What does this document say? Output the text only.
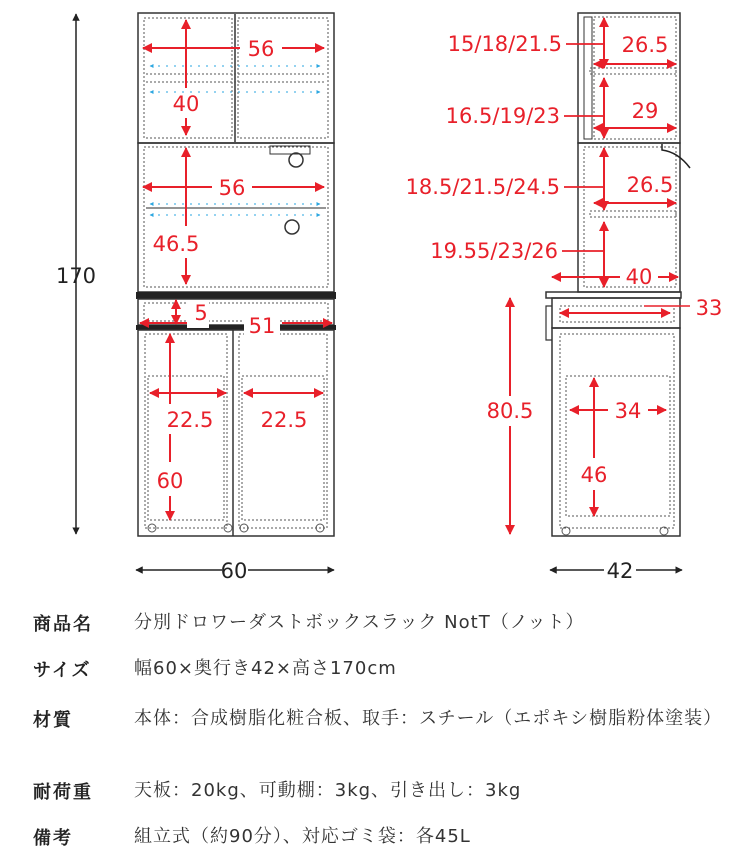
170
60
56
40
56
46.5
5
51
22.5 22.5
60
42
15/18/21.5	26.5
16.5/19/23	29
18.5/21.5/24.5	26.5
19.55/23/26
40
33
80.5	34
46
商品名 分別ドロワーダストボックスラック NotT（ノット）
サイズ 幅60×奥行き42×高さ170cm
材質	本体：合成樹脂化粧合板、取手：スチール（エポキシ樹脂粉体塗装）
耐荷重 天板：20kg、可動棚：3kg、引き出し：3kg
備考	組立式（約90分）、対応ゴミ袋：各45L
